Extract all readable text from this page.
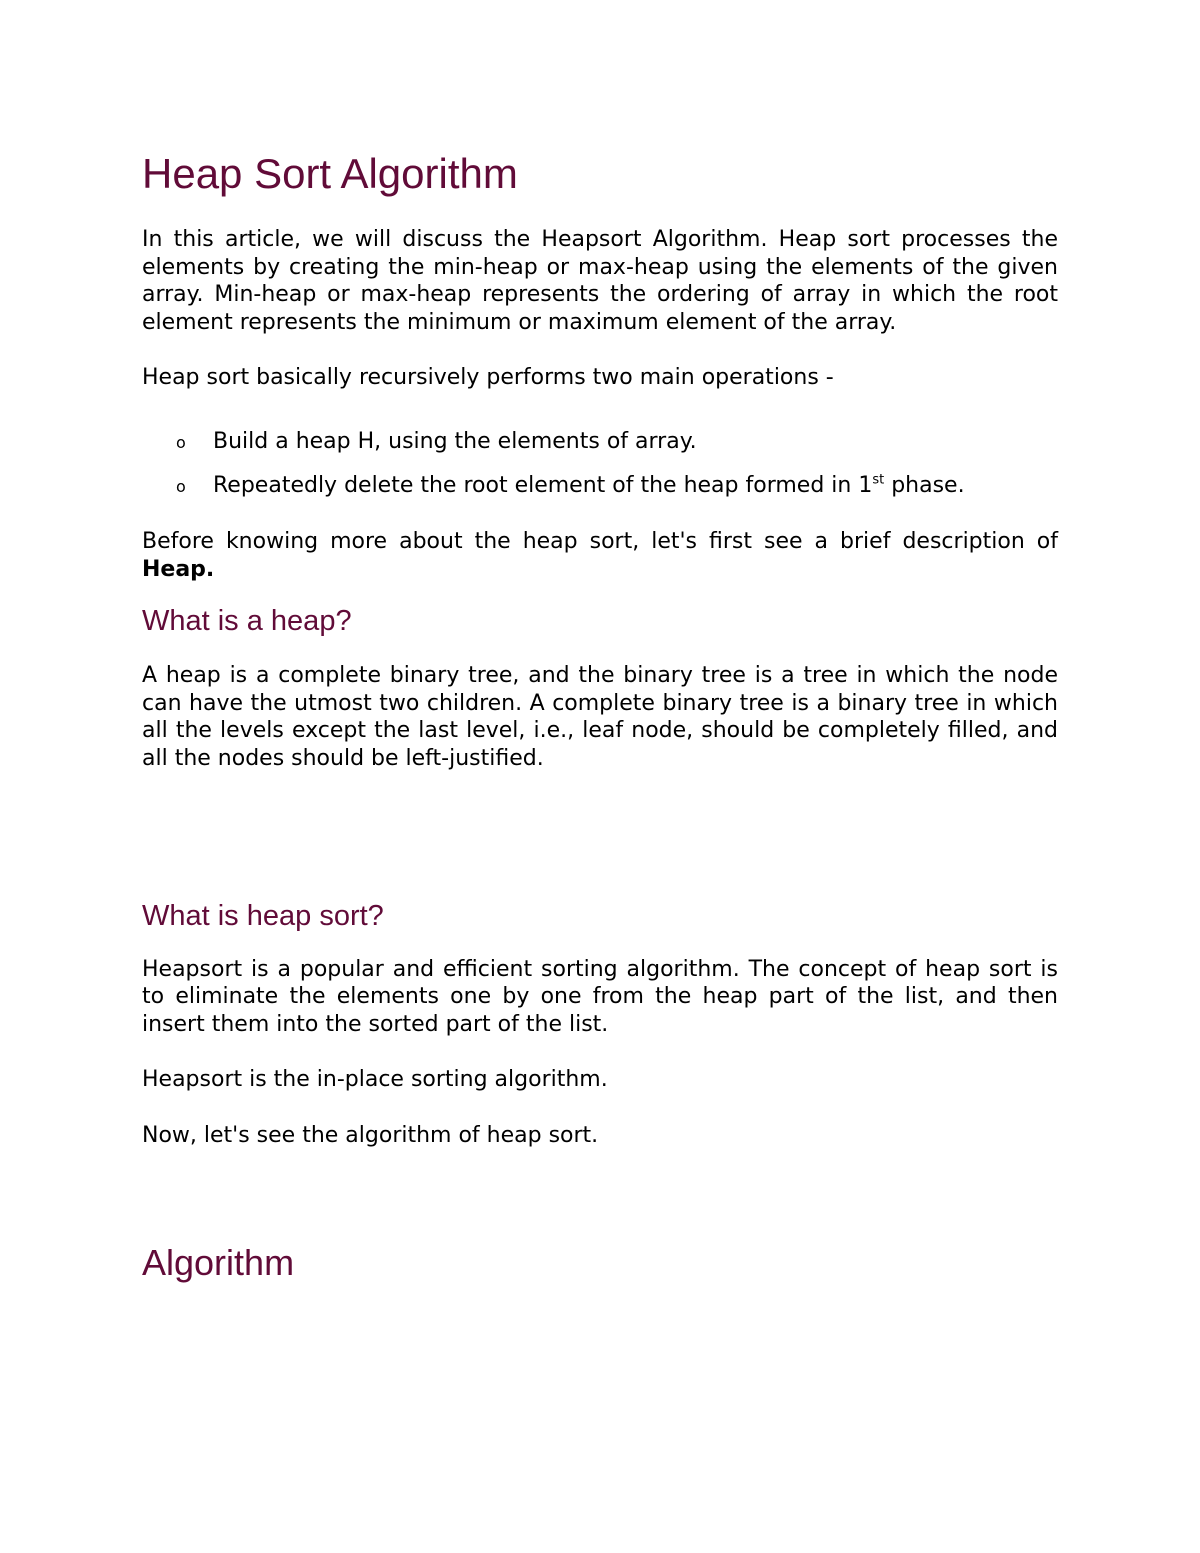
Heap Sort Algorithm

In this article, we will discuss the Heapsort Algorithm. Heap sort processes the elements by creating the min-heap or max-heap using the elements of the given array. Min-heap or max-heap represents the ordering of array in which the root element represents the minimum or maximum element of the array.

Heap sort basically recursively performs two main operations -

o Build a heap H, using the elements of array.
o Repeatedly delete the root element of the heap formed in 1st phase.

Before knowing more about the heap sort, let's first see a brief description of Heap.

What is a heap?

A heap is a complete binary tree, and the binary tree is a tree in which the node can have the utmost two children. A complete binary tree is a binary tree in which all the levels except the last level, i.e., leaf node, should be completely filled, and all the nodes should be left-justified.

What is heap sort?

Heapsort is a popular and efficient sorting algorithm. The concept of heap sort is to eliminate the elements one by one from the heap part of the list, and then insert them into the sorted part of the list.

Heapsort is the in-place sorting algorithm.

Now, let's see the algorithm of heap sort.

Algorithm
